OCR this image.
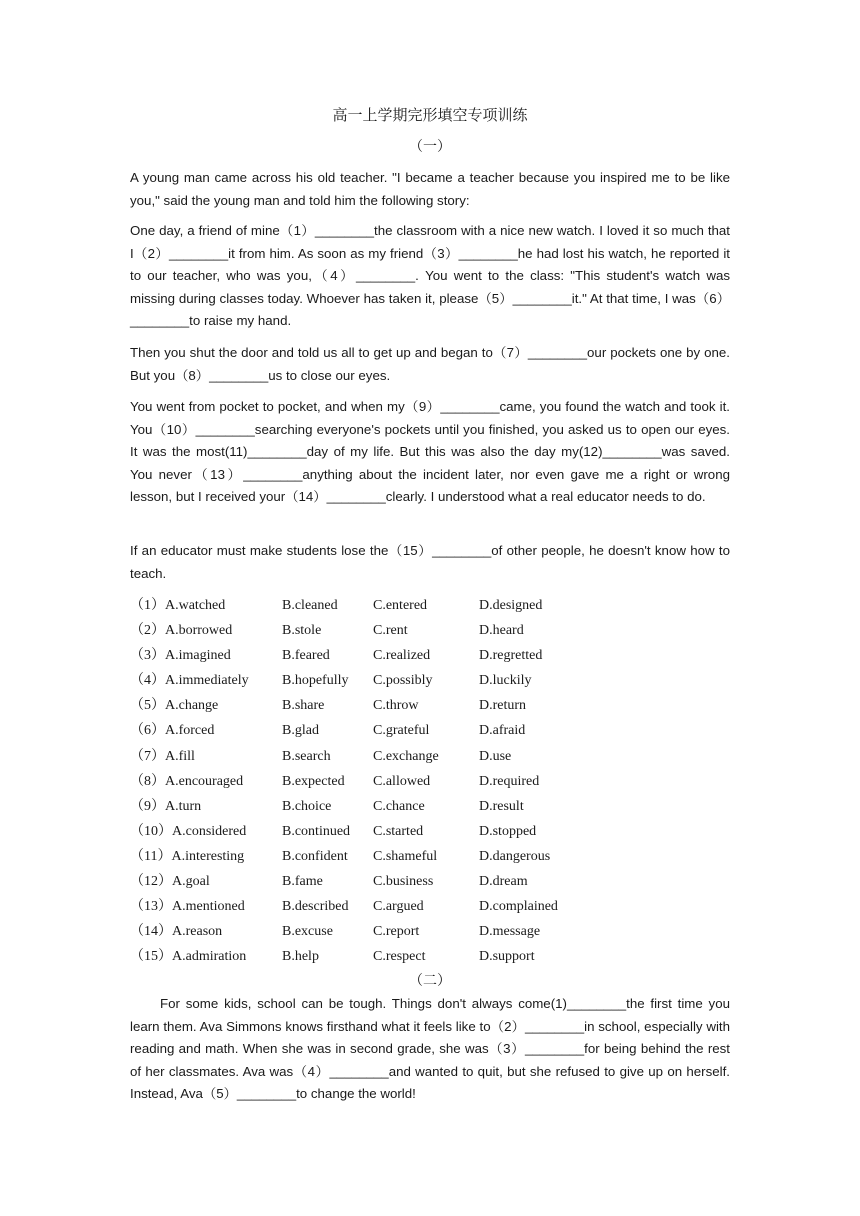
高一上学期完形填空专项训练
（一）
A young man came across his old teacher. "I became a teacher because you inspired me to be like you," said the young man and told him the following story:
One day, a friend of mine（1）________the classroom with a nice new watch. I loved it so much that I（2）________it from him. As soon as my friend（3）________he had lost his watch, he reported it to our teacher, who was you,（4）________. You went to the class: "This student's watch was missing during classes today. Whoever has taken it, please（5）________it." At that time, I was（6）________to raise my hand.
Then you shut the door and told us all to get up and began to（7）________our pockets one by one. But you（8）________us to close our eyes.
You went from pocket to pocket, and when my（9）________came, you found the watch and took it. You（10）________searching everyone's pockets until you finished, you asked us to open our eyes. It was the most(11)________day of my life. But this was also the day my(12)________was saved. You never（13）________anything about the incident later, nor even gave me a right or wrong lesson, but I received your（14）________clearly. I understood what a real educator needs to do.
If an educator must make students lose the（15）________of other people, he doesn't know how to teach.
（1）A.watched	B.cleaned	C.entered	D.designed
（2）A.borrowed	B.stole	C.rent	D.heard
（3）A.imagined	B.feared	C.realized	D.regretted
（4）A.immediately B.hopefully C.possibly	D.luckily
（5）A.change	B.share	C.throw	D.return
（6）A.forced	B.glad	C.grateful	D.afraid
（7）A.fill	B.search	C.exchange	D.use
（8）A.encouraged	B.expected C.allowed	D.required
（9）A.turn	B.choice	C.chance	D.result
（10）A.considered	B.continued C.started	D.stopped
（11）A.interesting	B.confident C.shameful	D.dangerous
（12）A.goal	B.fame	C.business	D.dream
（13）A.mentioned	B.described C.argued	D.complained
（14）A.reason	B.excuse	C.report	D.message
（15）A.admiration	B.help	C.respect	D.support
（二）
For some kids, school can be tough. Things don't always come(1)________the first time you learn them. Ava Simmons knows firsthand what it feels like to（2）________in school, especially with reading and math. When she was in second grade, she was（3）________for being behind the rest of her classmates. Ava was（4）________and wanted to quit, but she refused to give up on herself. Instead, Ava（5）________to change the world!
